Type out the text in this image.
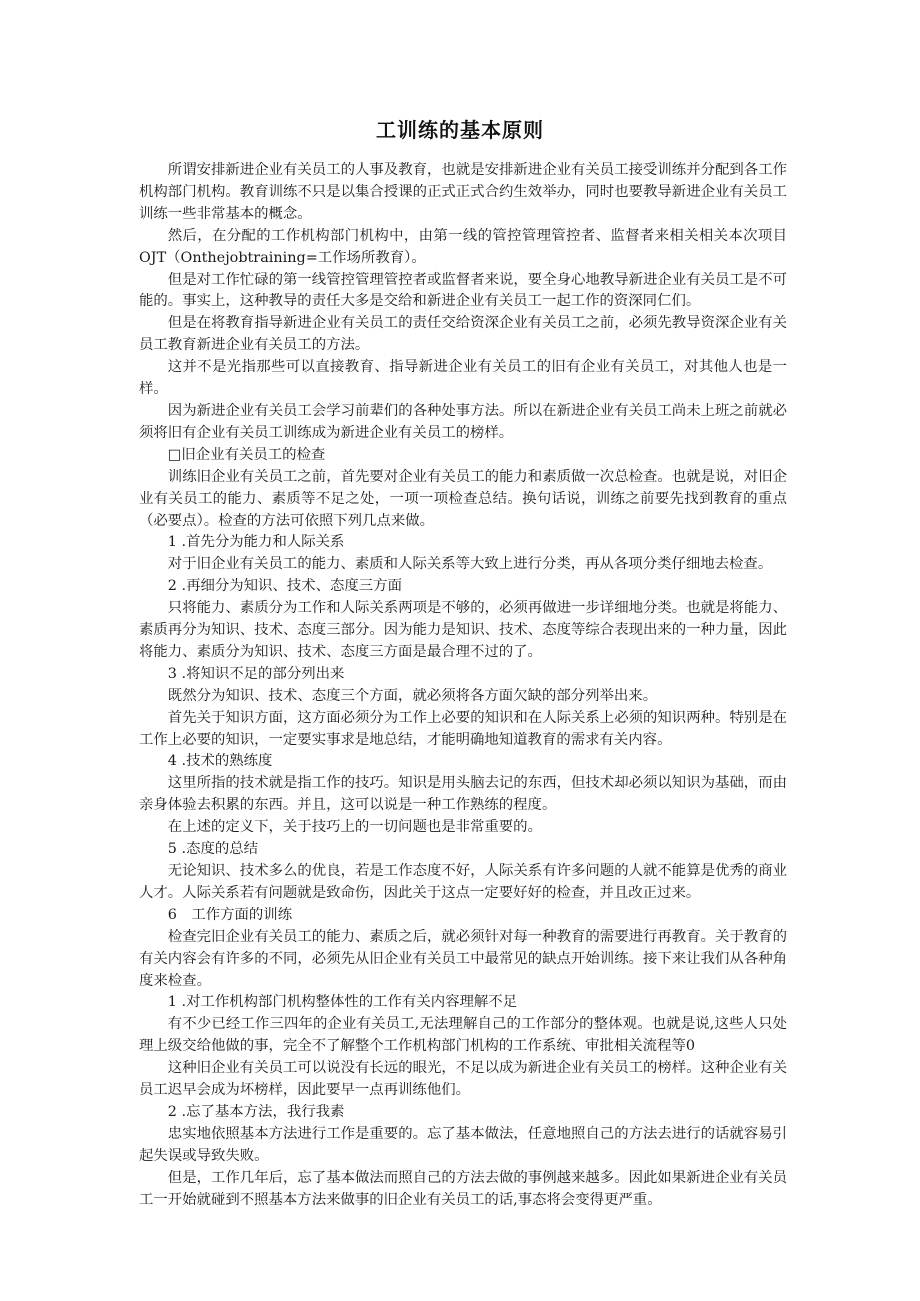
工训练的基本原则

所谓安排新进企业有关员工的人事及教育，也就是安排新进企业有关员工接受训练并分配到各工作机构部门机构。教育训练不只是以集合授课的正式正式合约生效举办，同时也要教导新进企业有关员工训练一些非常基本的概念。

然后，在分配的工作机构部门机构中，由第一线的管控管理管控者、监督者来相关相关本次项目OJT（Onthejobtraining=工作场所教育）。

但是对工作忙碌的第一线管控管理管控者或监督者来说，要全身心地教导新进企业有关员工是不可能的。事实上，这种教导的责任大多是交给和新进企业有关员工一起工作的资深同仁们。

但是在将教育指导新进企业有关员工的责任交给资深企业有关员工之前，必须先教导资深企业有关员工教育新进企业有关员工的方法。

这并不是光指那些可以直接教育、指导新进企业有关员工的旧有企业有关员工，对其他人也是一样。

因为新进企业有关员工会学习前辈们的各种处事方法。所以在新进企业有关员工尚未上班之前就必须将旧有企业有关员工训练成为新进企业有关员工的榜样。

□旧企业有关员工的检查

训练旧企业有关员工之前，首先要对企业有关员工的能力和素质做一次总检查。也就是说，对旧企业有关员工的能力、素质等不足之处，一项一项检查总结。换句话说，训练之前要先找到教育的重点（必要点）。检查的方法可依照下列几点来做。

1 .首先分为能力和人际关系

对于旧企业有关员工的能力、素质和人际关系等大致上进行分类，再从各项分类仔细地去检查。

2 .再细分为知识、技术、态度三方面

只将能力、素质分为工作和人际关系两项是不够的，必须再做进一步详细地分类。也就是将能力、素质再分为知识、技术、态度三部分。因为能力是知识、技术、态度等综合表现出来的一种力量，因此将能力、素质分为知识、技术、态度三方面是最合理不过的了。

3 .将知识不足的部分列出来

既然分为知识、技术、态度三个方面，就必须将各方面欠缺的部分列举出来。

首先关于知识方面，这方面必须分为工作上必要的知识和在人际关系上必须的知识两种。特别是在工作上必要的知识，一定要实事求是地总结，才能明确地知道教育的需求有关内容。

4 .技术的熟练度

这里所指的技术就是指工作的技巧。知识是用头脑去记的东西，但技术却必须以知识为基础，而由亲身体验去积累的东西。并且，这可以说是一种工作熟练的程度。

在上述的定义下，关于技巧上的一切问题也是非常重要的。

5 .态度的总结

无论知识、技术多么的优良，若是工作态度不好，人际关系有许多问题的人就不能算是优秀的商业人才。人际关系若有问题就是致命伤，因此关于这点一定要好好的检查，并且改正过来。

6　工作方面的训练

检查完旧企业有关员工的能力、素质之后，就必须针对每一种教育的需要进行再教育。关于教育的有关内容会有许多的不同，必须先从旧企业有关员工中最常见的缺点开始训练。接下来让我们从各种角度来检查。

1 .对工作机构部门机构整体性的工作有关内容理解不足

有不少已经工作三四年的企业有关员工,无法理解自己的工作部分的整体观。也就是说,这些人只处理上级交给他做的事，完全不了解整个工作机构部门机构的工作系统、审批相关流程等0

这种旧企业有关员工可以说没有长远的眼光，不足以成为新进企业有关员工的榜样。这种企业有关员工迟早会成为坏榜样，因此要早一点再训练他们。

2 .忘了基本方法，我行我素

忠实地依照基本方法进行工作是重要的。忘了基本做法，任意地照自己的方法去进行的话就容易引起失误或导致失败。

但是，工作几年后，忘了基本做法而照自己的方法去做的事例越来越多。因此如果新进企业有关员工一开始就碰到不照基本方法来做事的旧企业有关员工的话,事态将会变得更严重。
